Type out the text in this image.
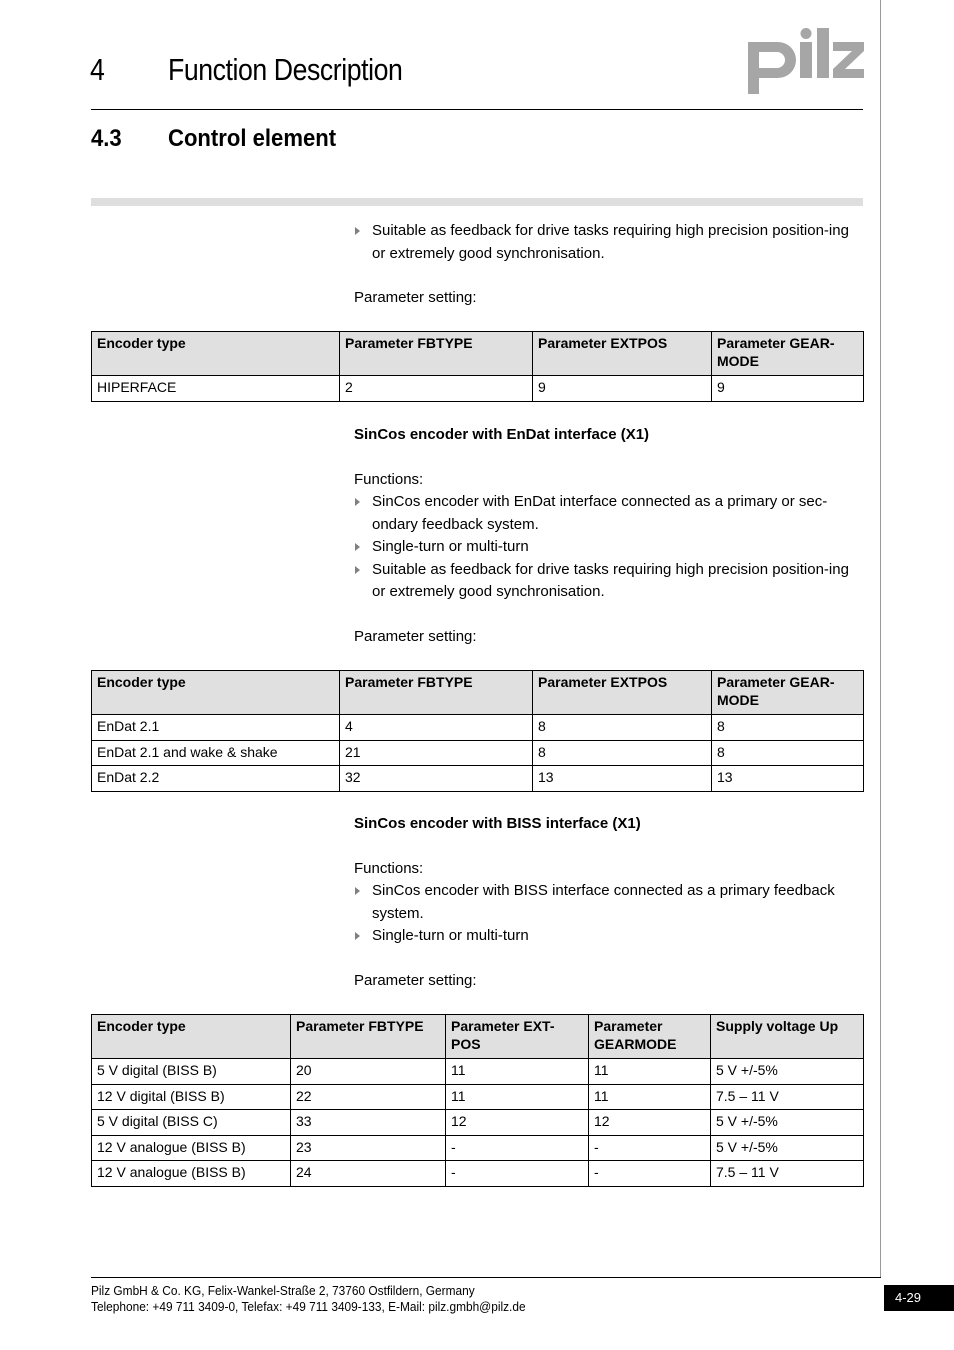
4 Function Description
4.3 Control element
Suitable as feedback for drive tasks requiring high precision position-ing or extremely good synchronisation.
Parameter setting:
Encoder type	Parameter FBTYPE	Parameter EXTPOS	Parameter GEAR-MODE
HIPERFACE	2	9	9
SinCos encoder with EnDat interface (X1)
Functions:
SinCos encoder with EnDat interface connected as a primary or sec-ondary feedback system.
Single-turn or multi-turn
Suitable as feedback for drive tasks requiring high precision position-ing or extremely good synchronisation.
Parameter setting:
Encoder type	Parameter FBTYPE	Parameter EXTPOS	Parameter GEAR-MODE
EnDat 2.1	4	8	8
EnDat 2.1 and wake & shake	21	8	8
EnDat 2.2	32	13	13
SinCos encoder with BISS interface (X1)
Functions:
SinCos encoder with BISS interface connected as a primary feedback system.
Single-turn or multi-turn
Parameter setting:
Encoder type	Parameter FBTYPE	Parameter EXT-POS	Parameter GEARMODE	Supply voltage Up
5 V digital (BISS B)	20	11	11	5 V +/-5%
12 V digital (BISS B)	22	11	11	7.5 – 11 V
5 V digital (BISS C)	33	12	12	5 V +/-5%
12 V analogue (BISS B)	23	-	-	5 V +/-5%
12 V analogue (BISS B)	24	-	-	7.5 – 11 V
Pilz GmbH & Co. KG, Felix-Wankel-Straße 2, 73760 Ostfildern, Germany
Telephone: +49 711 3409-0, Telefax: +49 711 3409-133, E-Mail: pilz.gmbh@pilz.de
4-29
